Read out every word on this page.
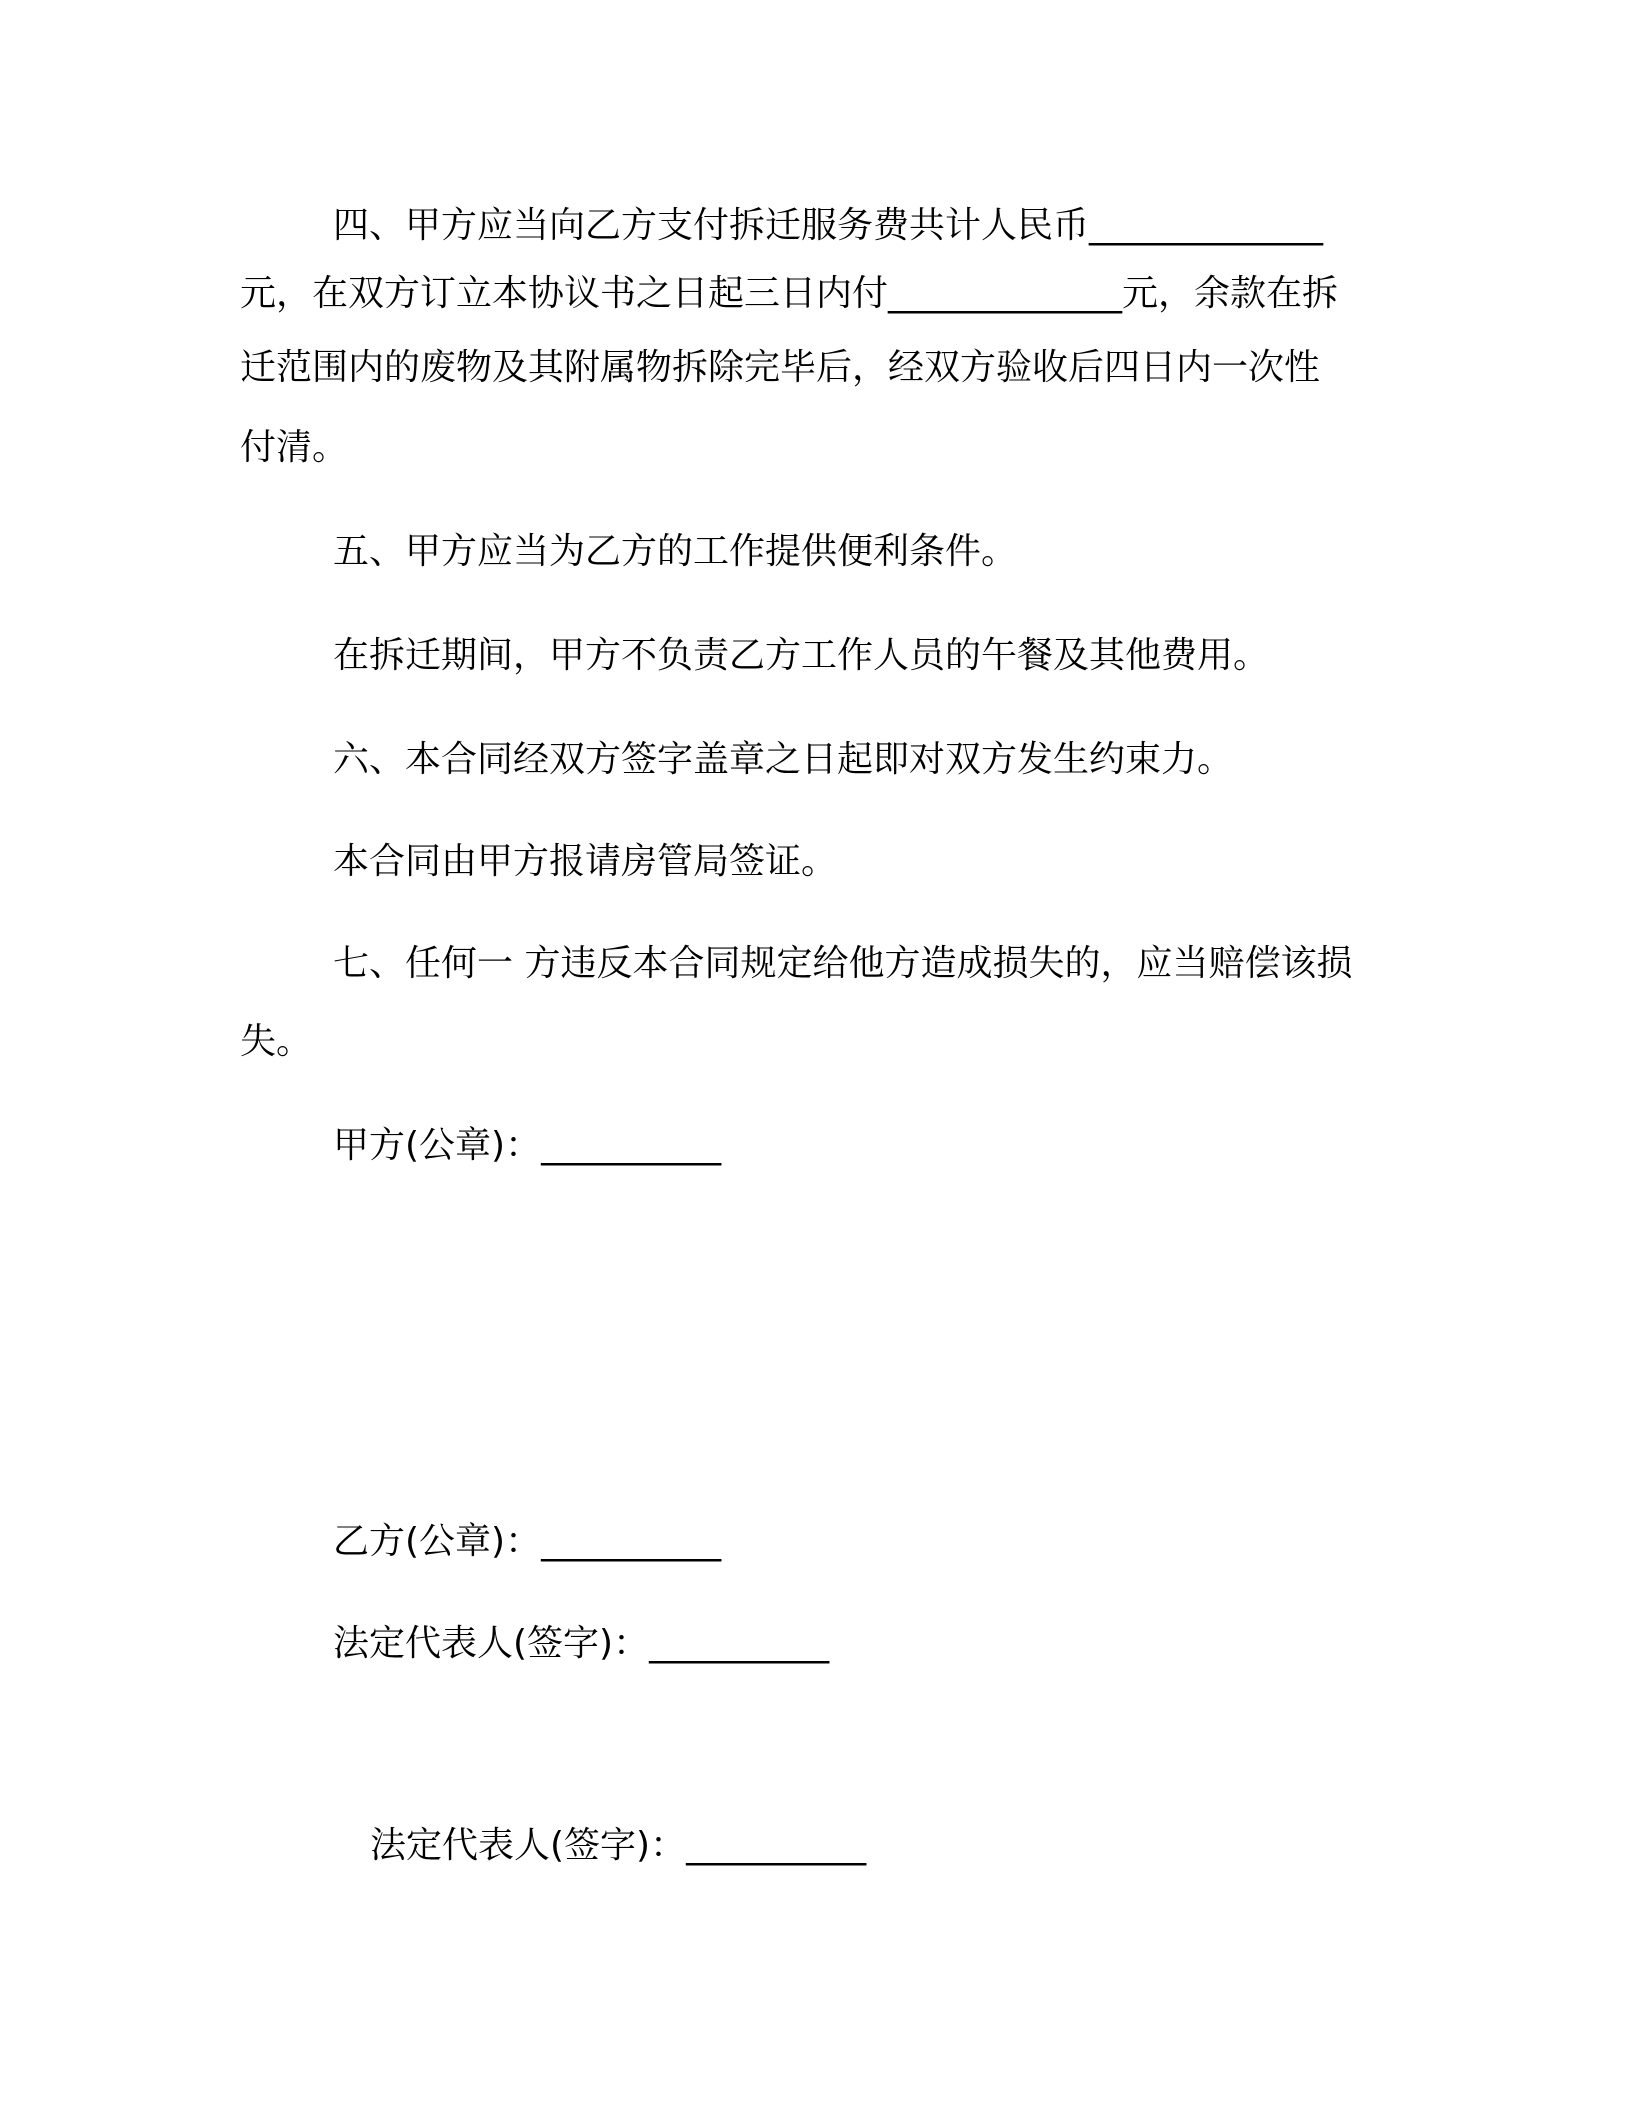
四、甲方应当向乙方支付拆迁服务费共计人民币_____________
元，在双方订立本协议书之日起三日内付_____________元，余款在拆
迁范围内的废物及其附属物拆除完毕后，经双方验收后四日内一次性
付清。
五、甲方应当为乙方的工作提供便利条件。
在拆迁期间，甲方不负责乙方工作人员的午餐及其他费用。
六、本合同经双方签字盖章之日起即对双方发生约束力。
本合同由甲方报请房管局签证。
七、任何一 方违反本合同规定给他方造成损失的，应当赔偿该损
失。
甲方(公章)：__________
乙方(公章)：__________
法定代表人(签字)：__________
法定代表人(签字)：__________
